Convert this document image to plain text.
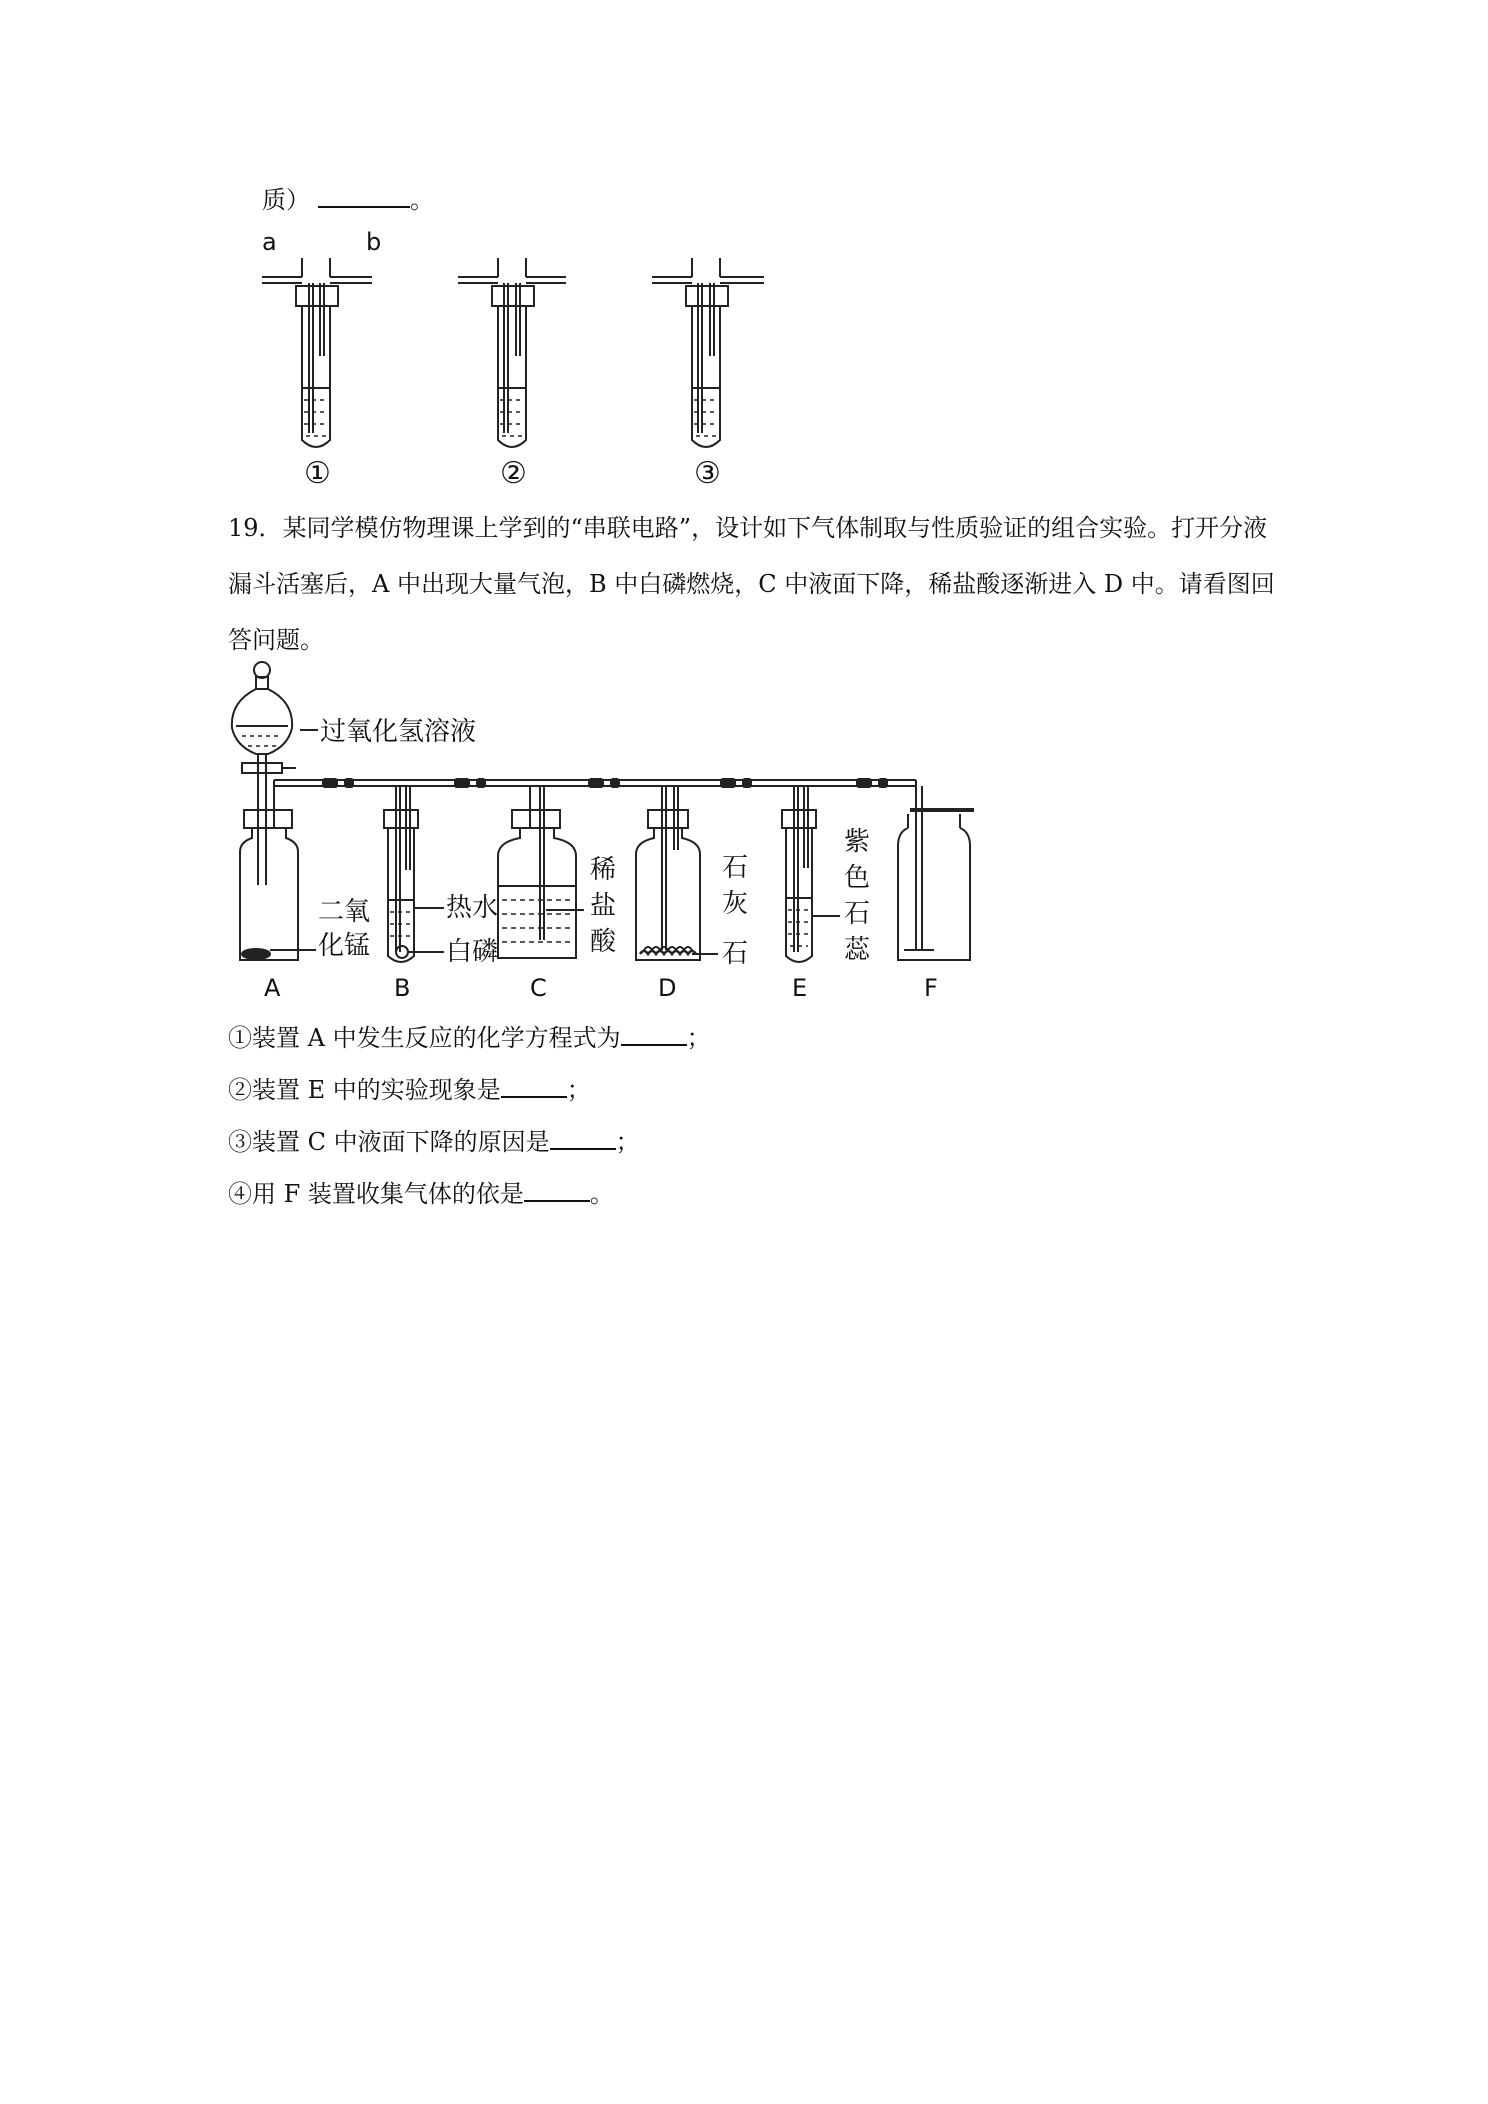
质）	。
a	b
①	②	③
19．某同学模仿物理课上学到的“串联电路”，设计如下气体制取与性质验证的组合实验。打开分液漏斗活塞后，A 中出现大量气泡，B 中白磷燃烧，C 中液面下降，稀盐酸逐渐进入 D 中。请看图回答问题。
过氧化氢溶液
二氧
化锰
热水
白磷
稀
盐
酸
石
灰
石
紫
色
石
蕊
A	B	C	D	E	F
①装置 A 中发生反应的化学方程式为	；
②装置 E 中的实验现象是	；
③装置 C 中液面下降的原因是	；
④用 F 装置收集气体的依是	。
